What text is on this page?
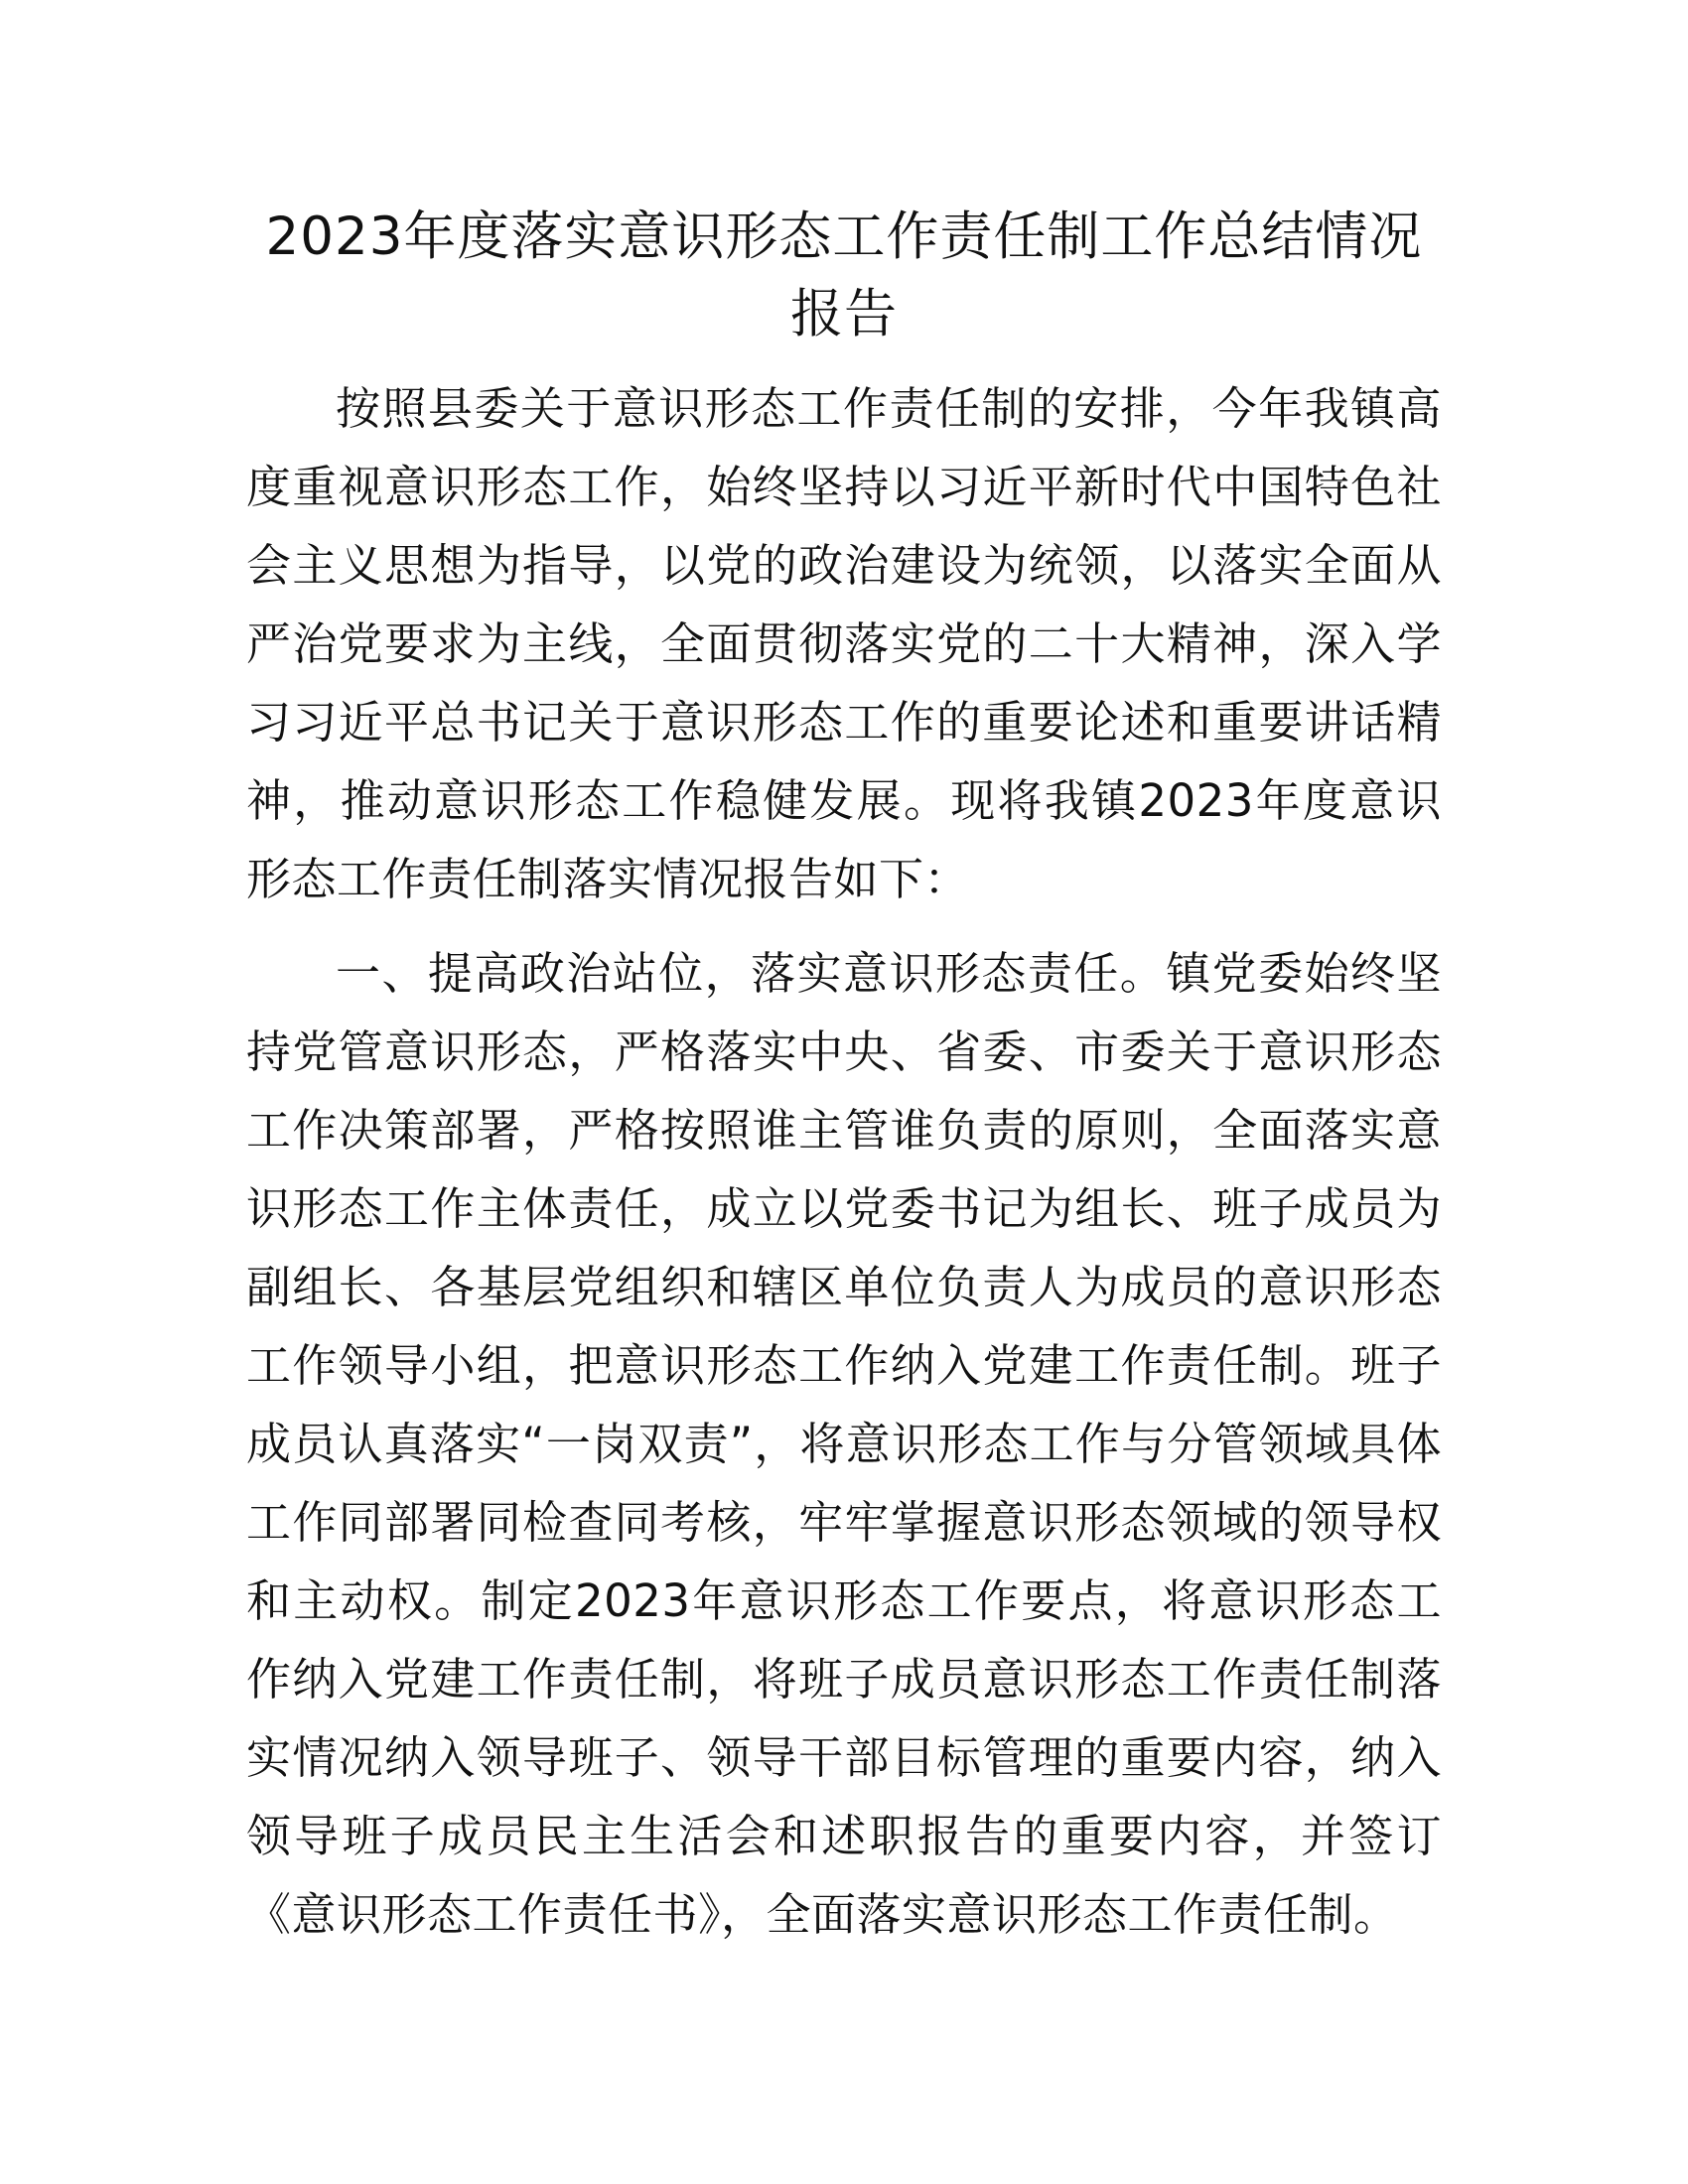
2023年度落实意识形态工作责任制工作总结情况报告

按照县委关于意识形态工作责任制的安排，今年我镇高度重视意识形态工作，始终坚持以习近平新时代中国特色社会主义思想为指导，以党的政治建设为统领，以落实全面从严治党要求为主线，全面贯彻落实党的二十大精神，深入学习习近平总书记关于意识形态工作的重要论述和重要讲话精神，推动意识形态工作稳健发展。现将我镇2023年度意识形态工作责任制落实情况报告如下：

一、提高政治站位，落实意识形态责任。镇党委始终坚持党管意识形态，严格落实中央、省委、市委关于意识形态工作决策部署，严格按照谁主管谁负责的原则，全面落实意识形态工作主体责任，成立以党委书记为组长、班子成员为副组长、各基层党组织和辖区单位负责人为成员的意识形态工作领导小组，把意识形态工作纳入党建工作责任制。班子成员认真落实“一岗双责”，将意识形态工作与分管领域具体工作同部署同检查同考核，牢牢掌握意识形态领域的领导权和主动权。制定2023年意识形态工作要点，将意识形态工作纳入党建工作责任制，将班子成员意识形态工作责任制落实情况纳入领导班子、领导干部目标管理的重要内容，纳入领导班子成员民主生活会和述职报告的重要内容，并签订《意识形态工作责任书》，全面落实意识形态工作责任制。
